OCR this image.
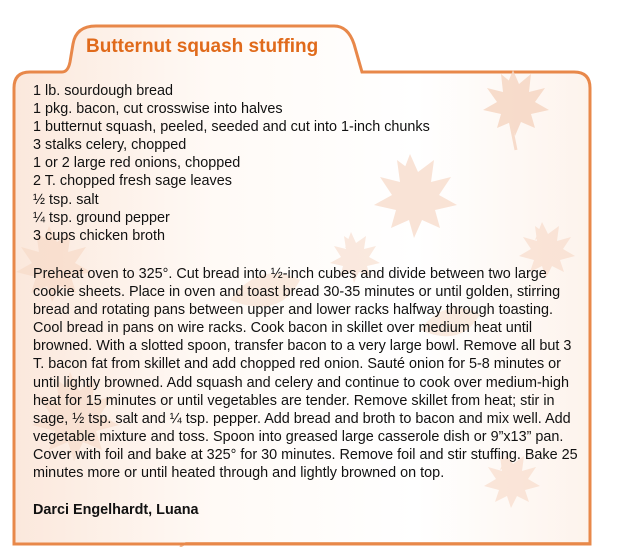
Butternut squash stuffing
1 lb. sourdough bread
1 pkg. bacon, cut crosswise into halves
1 butternut squash, peeled, seeded and cut into 1-inch chunks
3 stalks celery, chopped
1 or 2 large red onions, chopped
2 T. chopped fresh sage leaves
½ tsp. salt
¼ tsp. ground pepper
3 cups chicken broth

Preheat oven to 325°. Cut bread into ½-inch cubes and divide between two large cookie sheets. Place in oven and toast bread 30-35 minutes or until golden, stirring bread and rotating pans between upper and lower racks halfway through toasting. Cool bread in pans on wire racks. Cook bacon in skillet over medium heat until browned. With a slotted spoon, transfer bacon to a very large bowl. Remove all but 3 T. bacon fat from skillet and add chopped red onion. Sauté onion for 5-8 minutes or until lightly browned. Add squash and celery and continue to cook over medium-high heat for 15 minutes or until vegetables are tender. Remove skillet from heat; stir in sage, ½ tsp. salt and ¼ tsp. pepper. Add bread and broth to bacon and mix well. Add vegetable mixture and toss. Spoon into greased large casserole dish or 9”x13” pan. Cover with foil and bake at 325° for 30 minutes. Remove foil and stir stuffing. Bake 25 minutes more or until heated through and lightly browned on top.

Darci Engelhardt, Luana
